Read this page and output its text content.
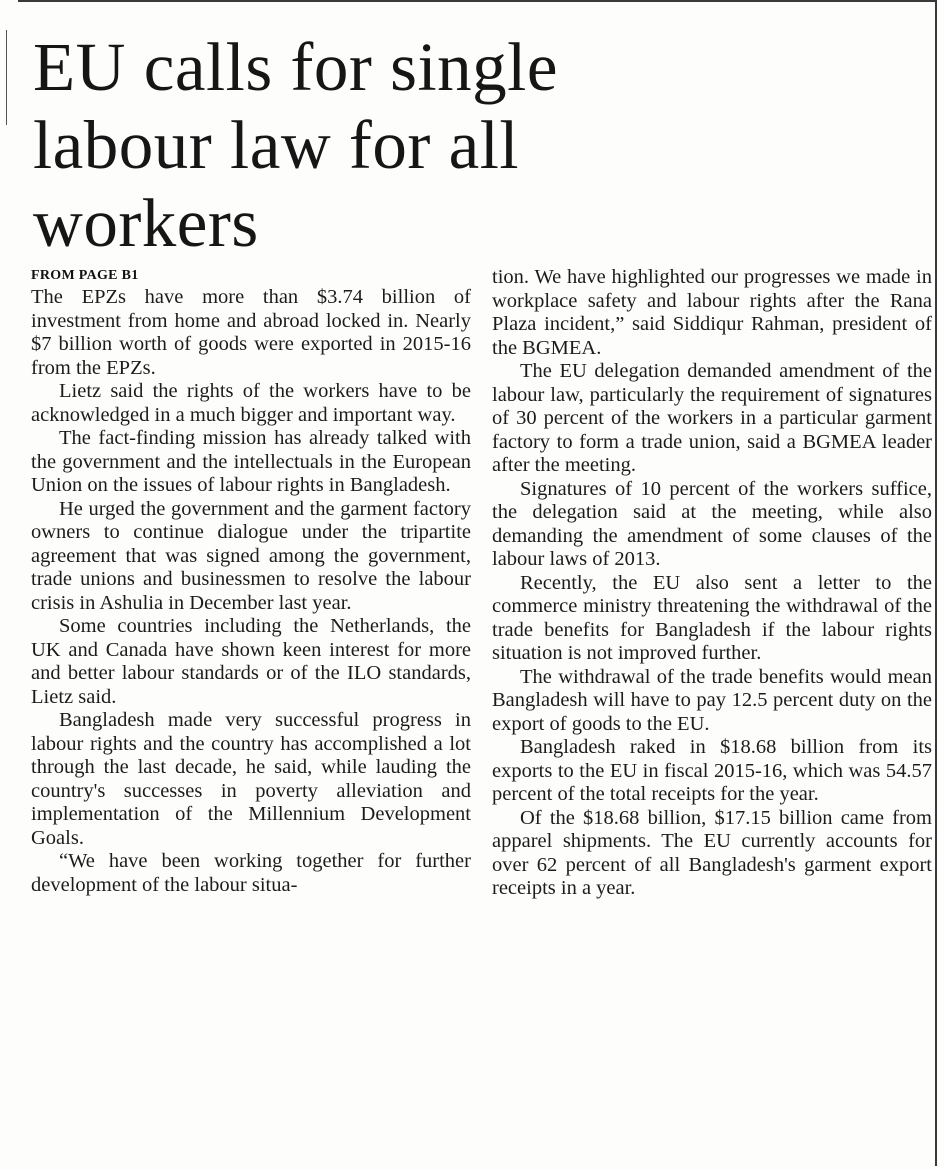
EU calls for single labour law for all workers
FROM PAGE B1

The EPZs have more than $3.74 billion of investment from home and abroad locked in. Nearly $7 billion worth of goods were exported in 2015-16 from the EPZs.

Lietz said the rights of the workers have to be acknowledged in a much bigger and important way.

The fact-finding mission has already talked with the government and the intellectuals in the European Union on the issues of labour rights in Bangladesh.

He urged the government and the garment factory owners to continue dialogue under the tripartite agreement that was signed among the government, trade unions and businessmen to resolve the labour crisis in Ashulia in December last year.

Some countries including the Netherlands, the UK and Canada have shown keen interest for more and better labour standards or of the ILO standards, Lietz said.

Bangladesh made very successful progress in labour rights and the country has accomplished a lot through the last decade, he said, while lauding the country's successes in poverty alleviation and implementation of the Millennium Development Goals.

“We have been working together for further development of the labour situa-

tion. We have highlighted our progresses we made in workplace safety and labour rights after the Rana Plaza incident,” said Siddiqur Rahman, president of the BGMEA.

The EU delegation demanded amendment of the labour law, particularly the requirement of signatures of 30 percent of the workers in a particular garment factory to form a trade union, said a BGMEA leader after the meeting.

Signatures of 10 percent of the workers suffice, the delegation said at the meeting, while also demanding the amendment of some clauses of the labour laws of 2013.

Recently, the EU also sent a letter to the commerce ministry threatening the withdrawal of the trade benefits for Bangladesh if the labour rights situation is not improved further.

The withdrawal of the trade benefits would mean Bangladesh will have to pay 12.5 percent duty on the export of goods to the EU.

Bangladesh raked in $18.68 billion from its exports to the EU in fiscal 2015-16, which was 54.57 percent of the total receipts for the year.

Of the $18.68 billion, $17.15 billion came from apparel shipments. The EU currently accounts for over 62 percent of all Bangladesh's garment export receipts in a year.
